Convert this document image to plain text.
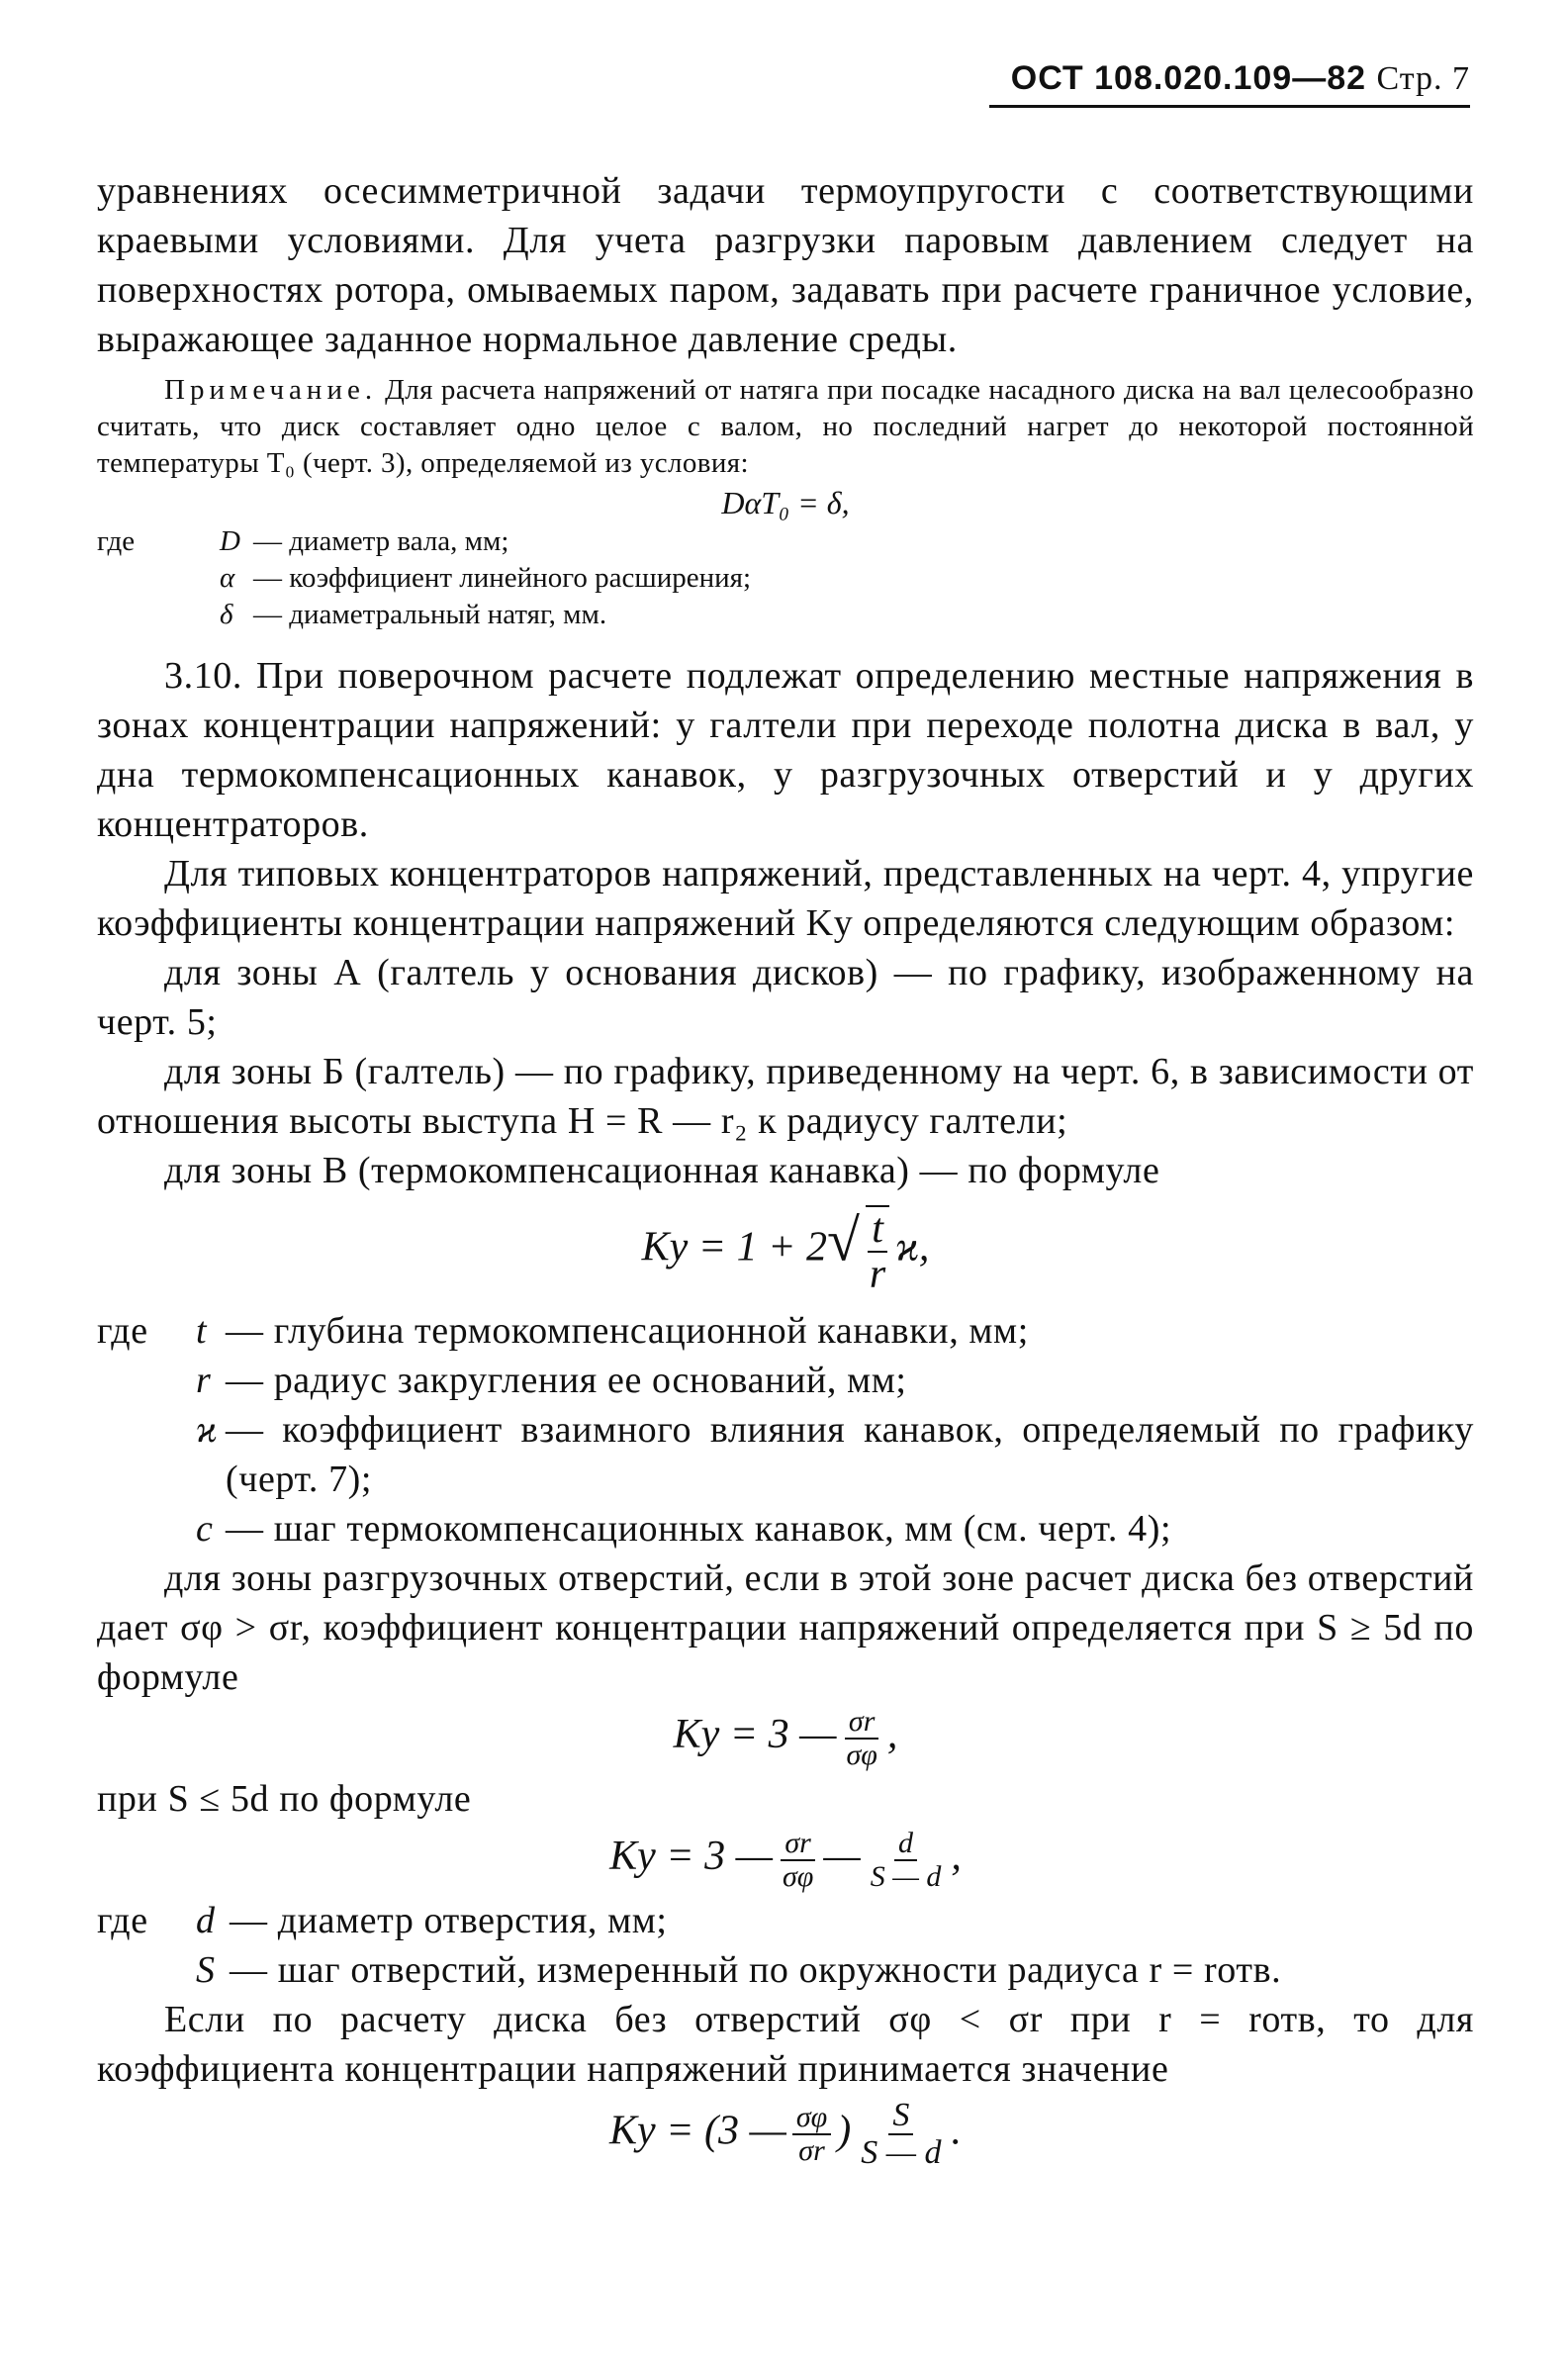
ОСТ 108.020.109—82 Стр. 7

уравнениях осесимметричной задачи термоупругости с соответствующими краевыми условиями. Для учета разгрузки паровым давлением следует на поверхностях ротора, омываемых паром, задавать при расчете граничное условие, выражающее заданное нормальное давление среды.

Примечание. Для расчета напряжений от натяга при посадке насадного диска на вал целесообразно считать, что диск составляет одно целое с валом, но последний нагрет до некоторой постоянной температуры T₀ (черт. 3), определяемой из условия:

DαT₀ = δ,

где	D — диаметр вала, мм;
α — коэффициент линейного расширения;
δ — диаметральный натяг, мм.

3.10. При поверочном расчете подлежат определению местные напряжения в зонах концентрации напряжений: у галтели при переходе полотна диска в вал, у дна термокомпенсационных канавок, у разгрузочных отверстий и у других концентраторов.

Для типовых концентраторов напряжений, представленных на черт. 4, упругие коэффициенты концентрации напряжений Kу определяются следующим образом:

для зоны А (галтель у основания дисков) — по графику, изображенному на черт. 5;

для зоны Б (галтель) — по графику, приведенному на черт. 6, в зависимости от отношения высоты выступа H = R — r₂ к радиусу галтели;

для зоны В (термокомпенсационная канавка) — по формуле

Kу = $1 + 2√ \frac{t}{r} ϰ$,
где	t — глубина термокомпенсационной канавки, мм;
r — радиус закругления ее оснований, мм;
ϰ — коэффициент взаимного влияния канавок, определяемый по графику (черт. 7);
c — шаг термокомпенсационных канавок, мм (см. черт. 4);

для зоны разгрузочных отверстий, если в этой зоне расчет диска без отверстий дает σφ > σr, коэффициент концентрации напряжений определяется при S ≥ 5d по формуле

Kу = 3 — $\frac{\sigma r}{\sigma\varphi}$ ,

при S ≤ 5d по формуле

Kу = 3 — $\frac{\sigma r}{\sigma\varphi}$ — $\frac{d}{S — d}$ ,
где	d — диаметр отверстия, мм;
S — шаг отверстий, измеренный по окружности радиуса r = rотв.

Если по расчету диска без отверстий σφ < σr при r = rотв, то для коэффициента концентрации напряжений принимается значение

Kу = (3 — $\frac{\sigma\varphi}{\sigma r}$ ) $\frac{S}{S — d}$ .
